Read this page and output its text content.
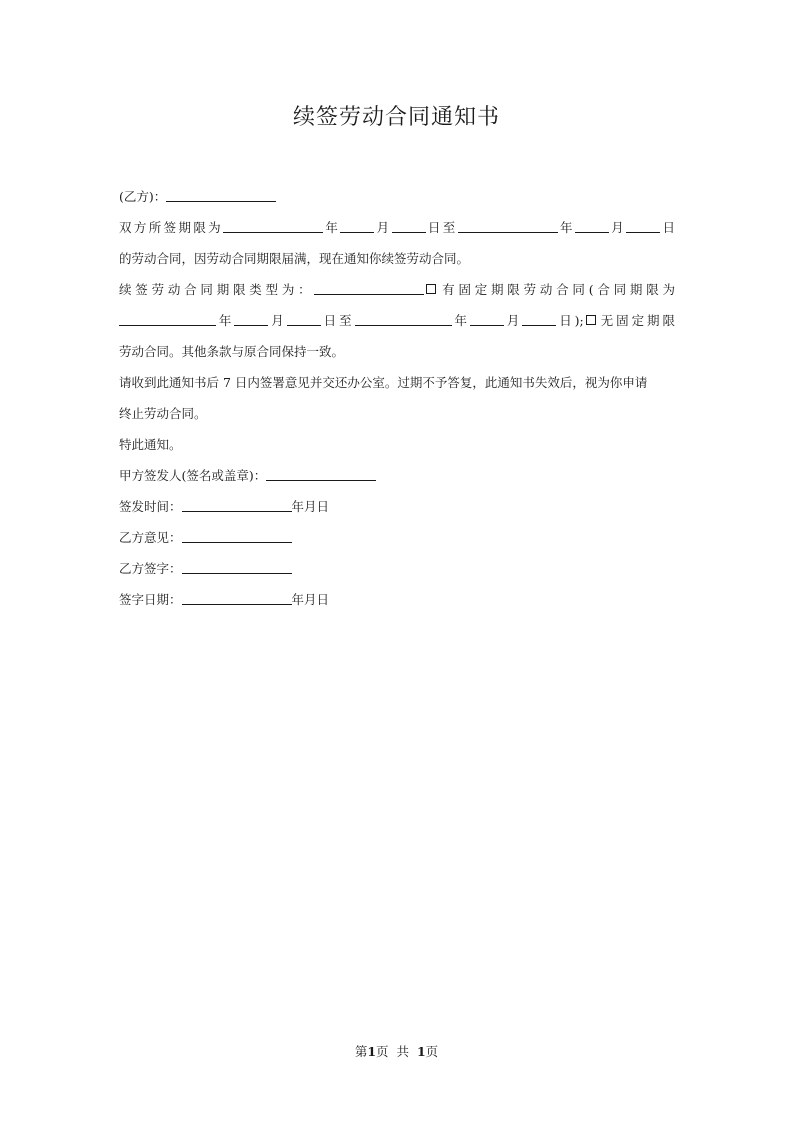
续签劳动合同通知书
(乙方)：
双方所签期限为	年	月	日至	年	月	日
的劳动合同，因劳动合同期限届满，现在通知你续签劳动合同。
续签劳动合同期限类型为：	有固定期限劳动合同(合同期限为
年	月	日至	年	月	日); 无固定期限
劳动合同。其他条款与原合同保持一致。
请收到此通知书后 7 日内签署意见并交还办公室。过期不予答复，此通知书失效后，视为你申请
终止劳动合同。
特此通知。
甲方签发人(签名或盖章)：
签发时间：	年月日
乙方意见：
乙方签字：
签字日期：	年月日
第1页  共  1页
